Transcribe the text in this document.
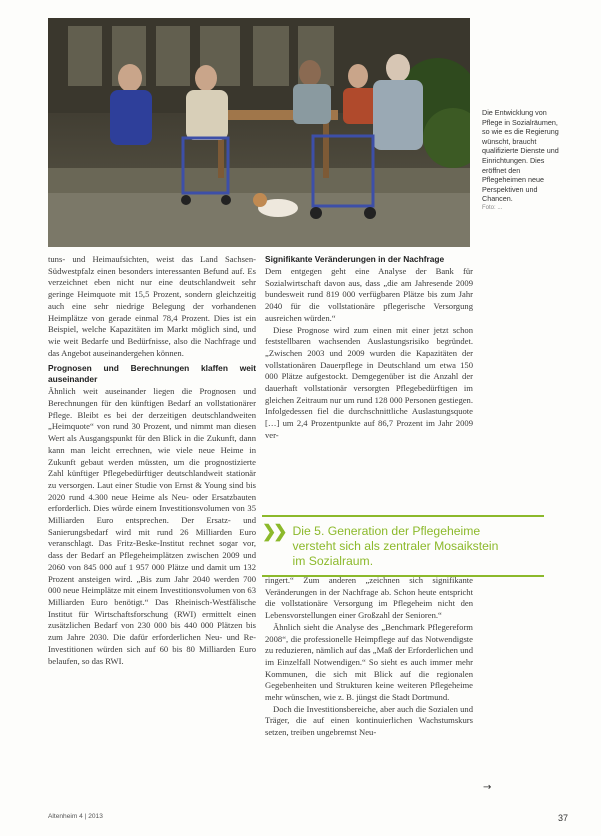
Die Entwicklung von Pflege in Sozialräumen, so wie es die Regierung wünscht, braucht qualifizierte Dienste und Einrichtungen. Dies eröffnet den Pflegeheimen neue Perspektiven und Chancen.
Foto: ...

tuns- und Heimaufsichten, weist das Land Sachsen-Südwestpfalz einen besonders interessanten Befund auf. Es verzeichnet eben nicht nur eine deutschlandweit sehr geringe Heimquote mit 15,5 Prozent, sondern gleichzeitig auch eine sehr niedrige Belegung der vorhandenen Heimplätze von gerade einmal 78,4 Prozent. Dies ist ein Beispiel, welche Kapazitäten im Markt möglich sind, und wie weit Bedarfe und Bedürfnisse, also die Nachfrage und das Angebot auseinandergehen können.

Prognosen und Berechnungen klaffen weit auseinander

Ähnlich weit auseinander liegen die Prognosen und Berechnungen für den künftigen Bedarf an vollstationärer Pflege. Bleibt es bei der derzeitigen deutschlandweiten „Heimquote“ von rund 30 Prozent, und nimmt man diesen Wert als Ausgangspunkt für den Blick in die Zukunft, dann kann man leicht errechnen, wie viele neue Heime in Zukunft gebaut werden müssten, um die prognostizierte Zahl künftiger Pflegebedürftiger deutschlandweit stationär zu versorgen. Laut einer Studie von Ernst & Young sind bis 2020 rund 4.300 neue Heime als Neu- oder Ersatzbauten erforderlich. Dies würde einem Investitionsvolumen von 35 Milliarden Euro entsprechen. Der Ersatz- und Sanierungsbedarf wird mit rund 26 Milliarden Euro veranschlagt. Das Fritz-Beske-Institut rechnet sogar vor, dass der Bedarf an Pflegeheimplätzen zwischen 2009 und 2060 von 845 000 auf 1 957 000 Plätze und damit um 132 Prozent ansteigen wird. „Bis zum Jahr 2040 werden 700 000 neue Heimplätze mit einem Investitionsvolumen von 63 Milliarden Euro benötigt.“ Das Rheinisch-Westfälische Institut für Wirtschaftsforschung (RWI) ermittelt einen zusätzlichen Bedarf von 230 000 bis 440 000 Plätzen bis zum Jahre 2030. Die dafür erforderlichen Neu- und Re-Investitionen würden sich auf 60 bis 80 Milliarden Euro belaufen, so das RWI.

Signifikante Veränderungen in der Nachfrage

Dem entgegen geht eine Analyse der Bank für Sozialwirtschaft davon aus, dass „die am Jahresende 2009 bundesweit rund 819 000 verfügbaren Plätze bis zum Jahr 2040 für die vollstationäre pflegerische Versorgung ausreichen würden.“

Diese Prognose wird zum einen mit einer jetzt schon feststellbaren wachsenden Auslastungsrisiko begründet. „Zwischen 2003 und 2009 wurden die Kapazitäten der vollstationären Dauerpflege in Deutschland um etwa 150 000 Plätze aufgestockt. Demgegenüber ist die Anzahl der dauerhaft vollstationär versorgten Pflegebedürftigen im gleichen Zeitraum nur um rund 128 000 Personen gestiegen. Infolgedessen fiel die durchschnittliche Auslastungsquote […] um 2,4 Prozentpunkte auf 86,7 Prozent im Jahr 2009 ver-

❯❯ Die 5. Generation der Pflegeheime versteht sich als zentraler Mosaikstein im Sozialraum.

ringert.“ Zum anderen „zeichnen sich signifikante Veränderungen in der Nachfrage ab. Schon heute entspricht die vollstationäre Versorgung im Pflegeheim nicht den Lebensvorstellungen einer Großzahl der Senioren.“

Ähnlich sieht die Analyse des „Benchmark Pflegereform 2008“, die professionelle Heimpflege auf das Notwendigste zu reduzieren, nämlich auf das „Maß der Erforderlichen und im Einzelfall Notwendigen.“ So sieht es auch immer mehr Kommunen, die sich mit Blick auf die regionalen Gegebenheiten und Strukturen keine weiteren Pflegeheime mehr wünschen, wie z. B. jüngst die Stadt Dortmund.

Doch die Investitionsbereiche, aber auch die Sozialen und Träger, die auf einen kontinuierlichen Wachstumskurs setzen, treiben ungebremst Neu-

→
Altenheim 4 | 2013	37
